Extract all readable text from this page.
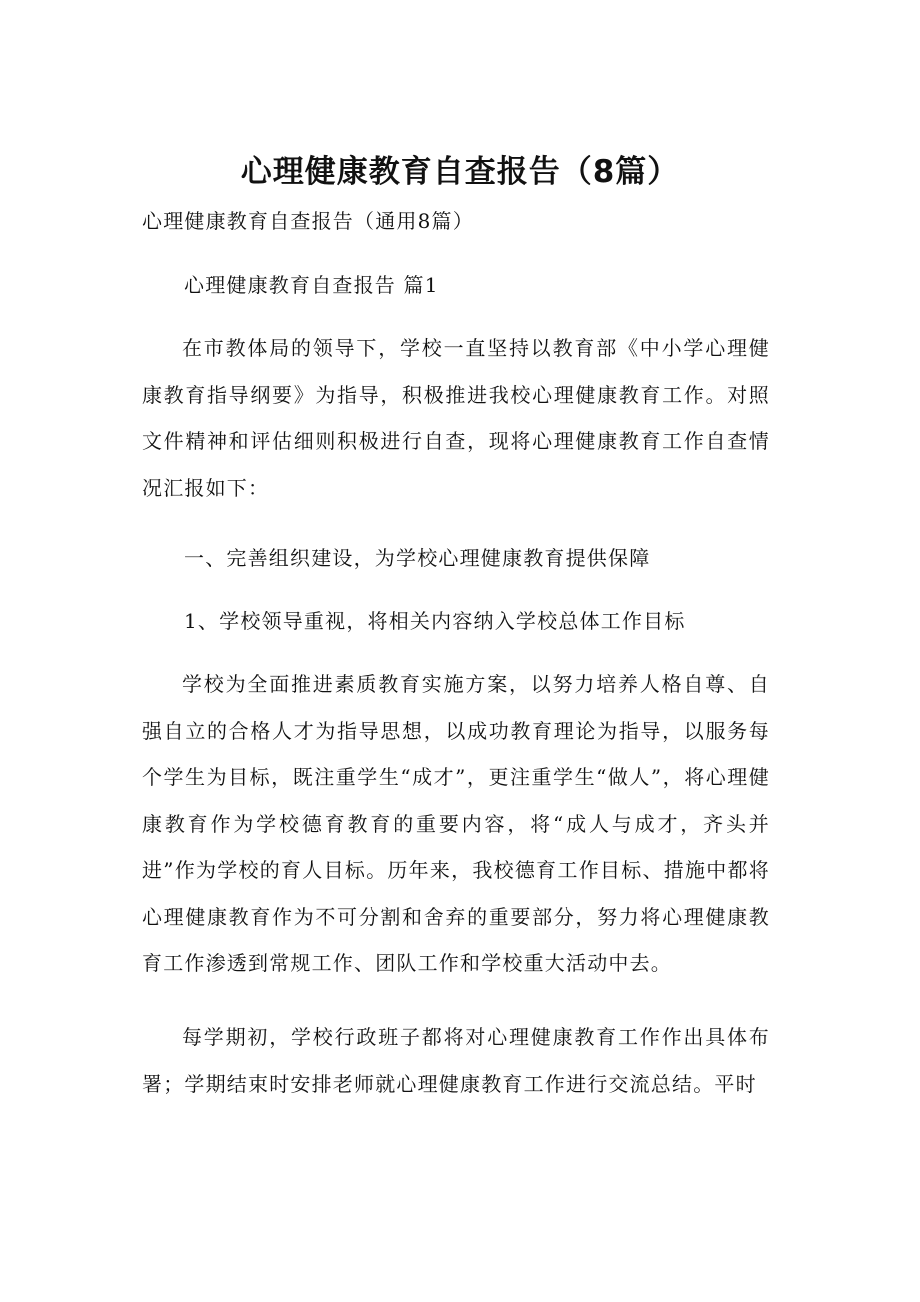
心理健康教育自查报告（8篇）

心理健康教育自查报告（通用8篇）

心理健康教育自查报告 篇1

在市教体局的领导下，学校一直坚持以教育部《中小学心理健康教育指导纲要》为指导，积极推进我校心理健康教育工作。对照文件精神和评估细则积极进行自查，现将心理健康教育工作自查情况汇报如下：

一、完善组织建设，为学校心理健康教育提供保障

1、学校领导重视，将相关内容纳入学校总体工作目标

学校为全面推进素质教育实施方案，以努力培养人格自尊、自强自立的合格人才为指导思想，以成功教育理论为指导，以服务每个学生为目标，既注重学生“成才”，更注重学生“做人”，将心理健康教育作为学校德育教育的重要内容，将“成人与成才，齐头并进”作为学校的育人目标。历年来，我校德育工作目标、措施中都将心理健康教育作为不可分割和舍弃的重要部分，努力将心理健康教育工作渗透到常规工作、团队工作和学校重大活动中去。

每学期初，学校行政班子都将对心理健康教育工作作出具体布署；学期结束时安排老师就心理健康教育工作进行交流总结。平时
